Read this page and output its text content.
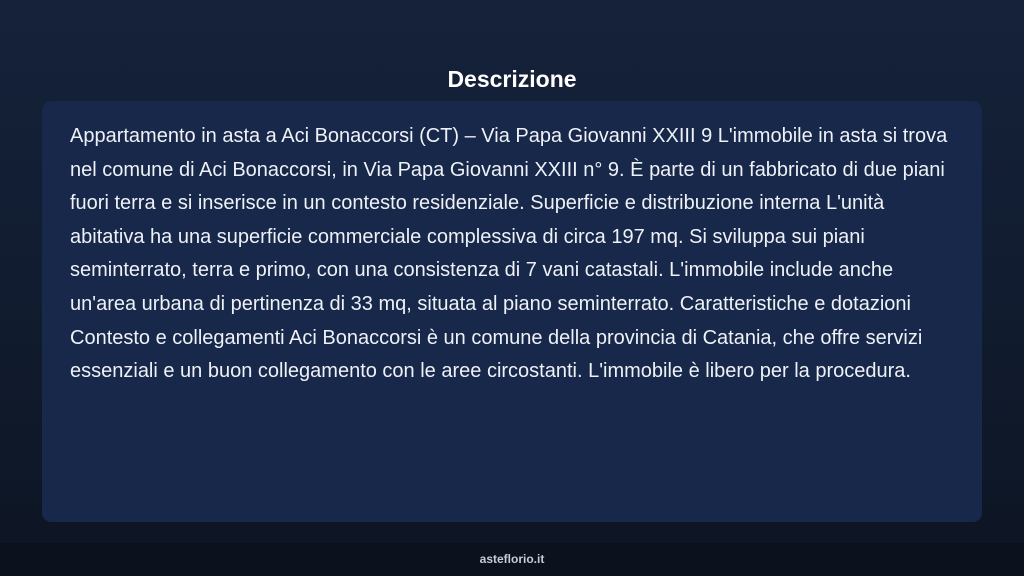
Descrizione

Appartamento in asta a Aci Bonaccorsi (CT) – Via Papa Giovanni XXIII 9 L'immobile in asta si trova nel comune di Aci Bonaccorsi, in Via Papa Giovanni XXIII n° 9. È parte di un fabbricato di due piani fuori terra e si inserisce in un contesto residenziale. Superficie e distribuzione interna L'unità abitativa ha una superficie commerciale complessiva di circa 197 mq. Si sviluppa sui piani seminterrato, terra e primo, con una consistenza di 7 vani catastali. L'immobile include anche un'area urbana di pertinenza di 33 mq, situata al piano seminterrato. Caratteristiche e dotazioni Contesto e collegamenti Aci Bonaccorsi è un comune della provincia di Catania, che offre servizi essenziali e un buon collegamento con le aree circostanti. L'immobile è libero per la procedura.

asteflorio.it
